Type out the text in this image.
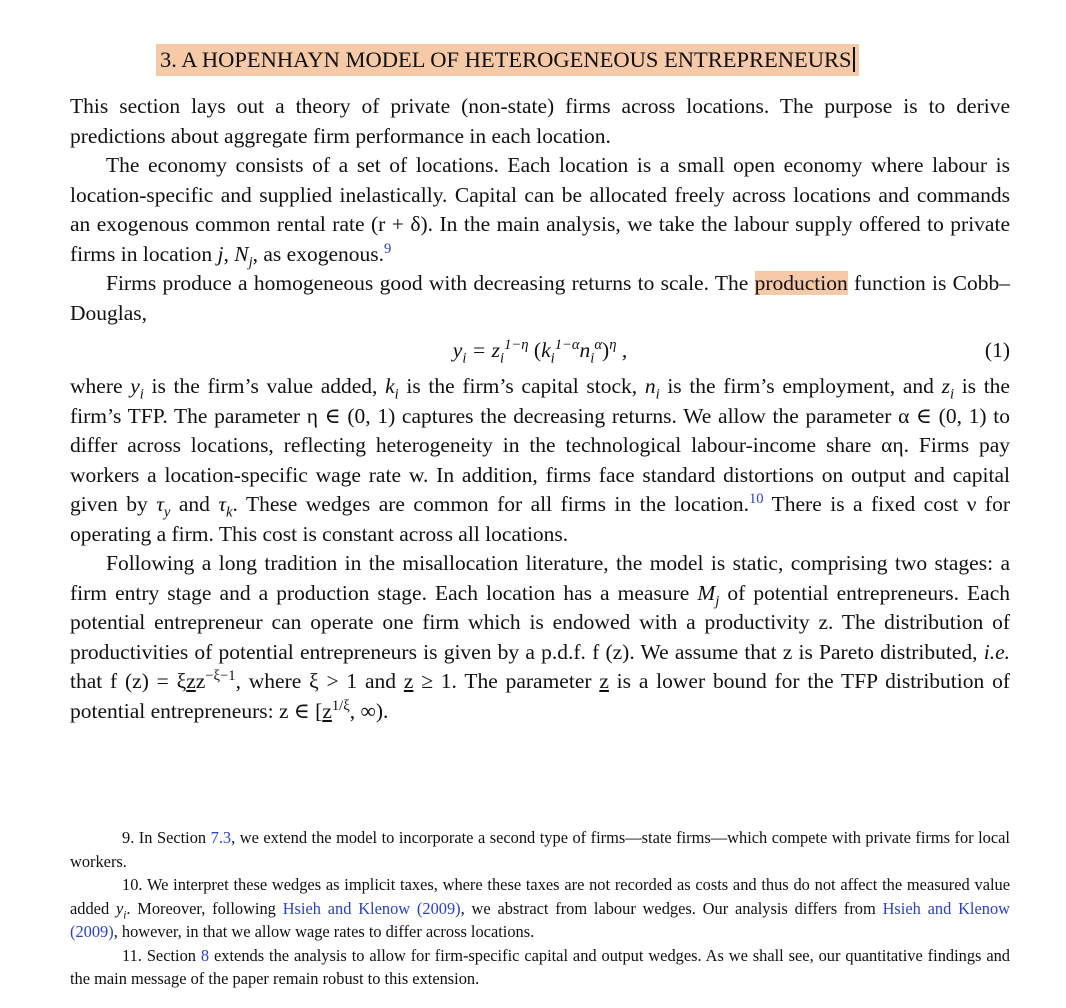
3. A HOPENHAYN MODEL OF HETEROGENEOUS ENTREPRENEURS

This section lays out a theory of private (non-state) firms across locations. The purpose is to derive predictions about aggregate firm performance in each location.

The economy consists of a set of locations. Each location is a small open economy where labour is location-specific and supplied inelastically. Capital can be allocated freely across locations and commands an exogenous common rental rate (r + δ). In the main analysis, we take the labour supply offered to private firms in location j, $N_j$, as exogenous.$^9$

Firms produce a homogeneous good with decreasing returns to scale. The production function is Cobb–Douglas,

$y_i = z_i^{1-\eta}$ $(k_i^{1-\alpha}n_i^\alpha)^\eta$ ,	(1)

where $y_i$ is the firm’s value added, $k_i$ is the firm’s capital stock, $n_i$ is the firm’s employment, and $z_i$ is the firm’s TFP. The parameter η ∈ (0, 1) captures the decreasing returns. We allow the parameter α ∈ (0, 1) to differ across locations, reflecting heterogeneity in the technological labour-income share αη. Firms pay workers a location-specific wage rate w. In addition, firms face standard distortions on output and capital given by $\tau_y$ and $\tau_k$. These wedges are common for all firms in the location.$^{10}$ There is a fixed cost ν for operating a firm. This cost is constant across all locations.

Following a long tradition in the misallocation literature, the model is static, comprising two stages: a firm entry stage and a production stage. Each location has a measure $M_j$ of potential entrepreneurs. Each potential entrepreneur can operate one firm which is endowed with a productivity z. The distribution of productivities of potential entrepreneurs is given by a p.d.f. f (z). We assume that z is Pareto distributed, i.e. that f (z) = ξzz$^{-\xi-1}$, where ξ > 1 and z ≥ 1. The parameter z is a lower bound for the TFP distribution of potential entrepreneurs: z ∈ [$z^{1/\xi}$, ∞).

9. In Section 7.3, we extend the model to incorporate a second type of firms—state firms—which compete with private firms for local workers.

10. We interpret these wedges as implicit taxes, where these taxes are not recorded as costs and thus do not affect the measured value added $y_i$. Moreover, following Hsieh and Klenow (2009), we abstract from labour wedges. Our analysis differs from Hsieh and Klenow (2009), however, in that we allow wage rates to differ across locations.

11. Section 8 extends the analysis to allow for firm-specific capital and output wedges. As we shall see, our quantitative findings and the main message of the paper remain robust to this extension.
